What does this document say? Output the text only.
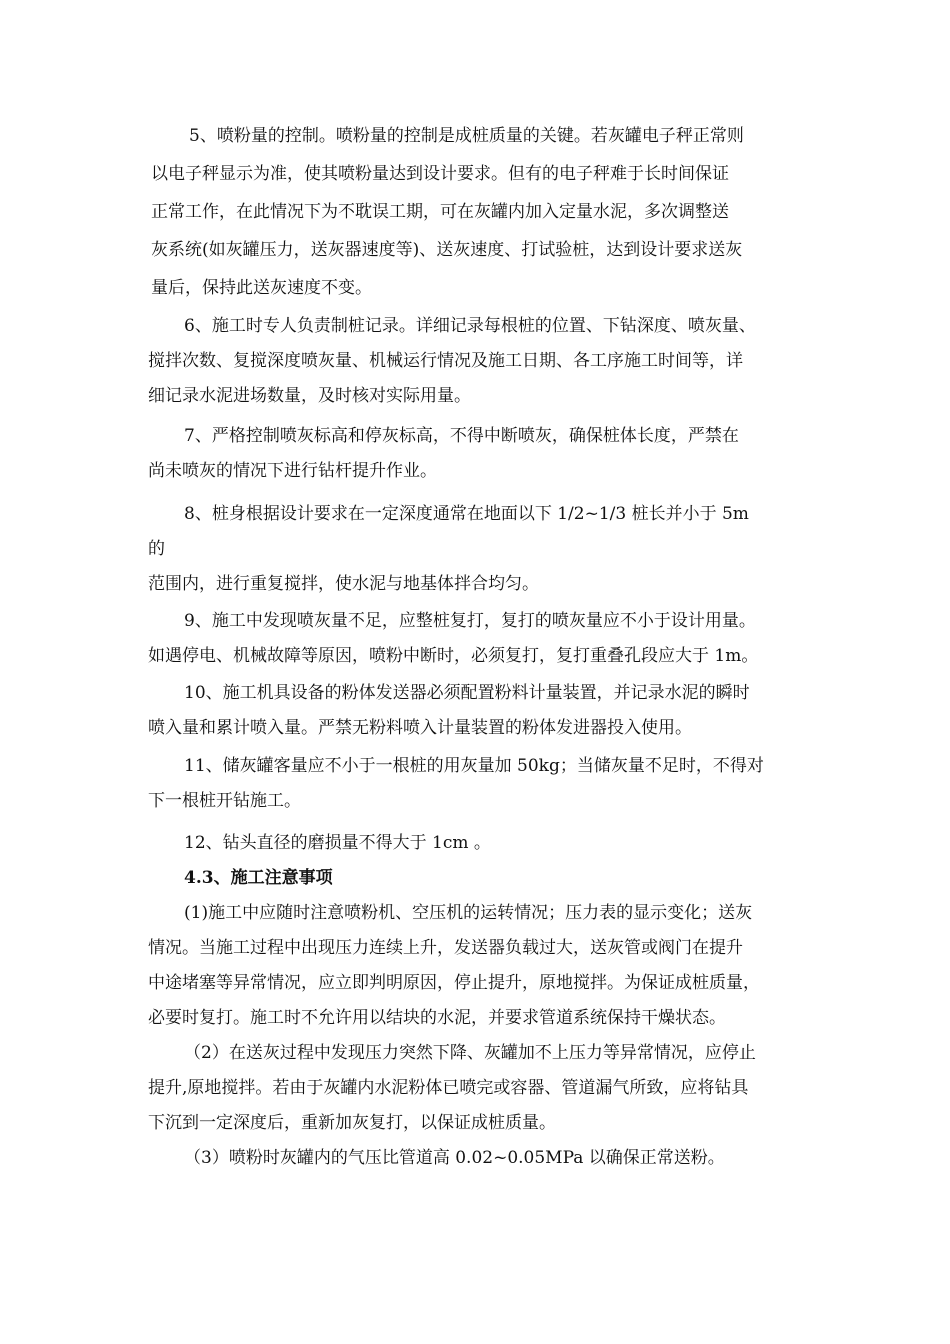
5、喷粉量的控制。喷粉量的控制是成桩质量的关键。若灰罐电子秤正常则
以电子秤显示为准，使其喷粉量达到设计要求。但有的电子秤难于长时间保证
正常工作，在此情况下为不耽误工期，可在灰罐内加入定量水泥，多次调整送
灰系统(如灰罐压力，送灰器速度等)、送灰速度、打试验桩，达到设计要求送灰
量后，保持此送灰速度不变。
6、施工时专人负责制桩记录。详细记录每根桩的位置、下钻深度、喷灰量、
搅拌次数、复搅深度喷灰量、机械运行情况及施工日期、各工序施工时间等，详
细记录水泥进场数量，及时核对实际用量。
7、严格控制喷灰标高和停灰标高，不得中断喷灰，确保桩体长度，严禁在
尚未喷灰的情况下进行钻杆提升作业。
8、桩身根据设计要求在一定深度通常在地面以下 1/2~1/3 桩长并小于 5m
的
范围内，进行重复搅拌，使水泥与地基体拌合均匀。
9、施工中发现喷灰量不足，应整桩复打，复打的喷灰量应不小于设计用量。
如遇停电、机械故障等原因，喷粉中断时，必须复打，复打重叠孔段应大于 1m。
10、施工机具设备的粉体发送器必须配置粉料计量装置，并记录水泥的瞬时
喷入量和累计喷入量。严禁无粉料喷入计量装置的粉体发进器投入使用。
11、储灰罐客量应不小于一根桩的用灰量加 50kg；当储灰量不足时，不得对
下一根桩开钻施工。
12、钻头直径的磨损量不得大于 1cm 。
4.3、施工注意事项
(1)施工中应随时注意喷粉机、空压机的运转情况；压力表的显示变化；送灰
情况。当施工过程中出现压力连续上升，发送器负载过大，送灰管或阀门在提升
中途堵塞等异常情况，应立即判明原因，停止提升，原地搅拌。为保证成桩质量，
必要时复打。施工时不允许用以结块的水泥，并要求管道系统保持干燥状态。
（2）在送灰过程中发现压力突然下降、灰罐加不上压力等异常情况，应停止
提升,原地搅拌。若由于灰罐内水泥粉体已喷完或容器、管道漏气所致，应将钻具
下沉到一定深度后，重新加灰复打，以保证成桩质量。
（3）喷粉时灰罐内的气压比管道高 0.02~0.05MPa 以确保正常送粉。
